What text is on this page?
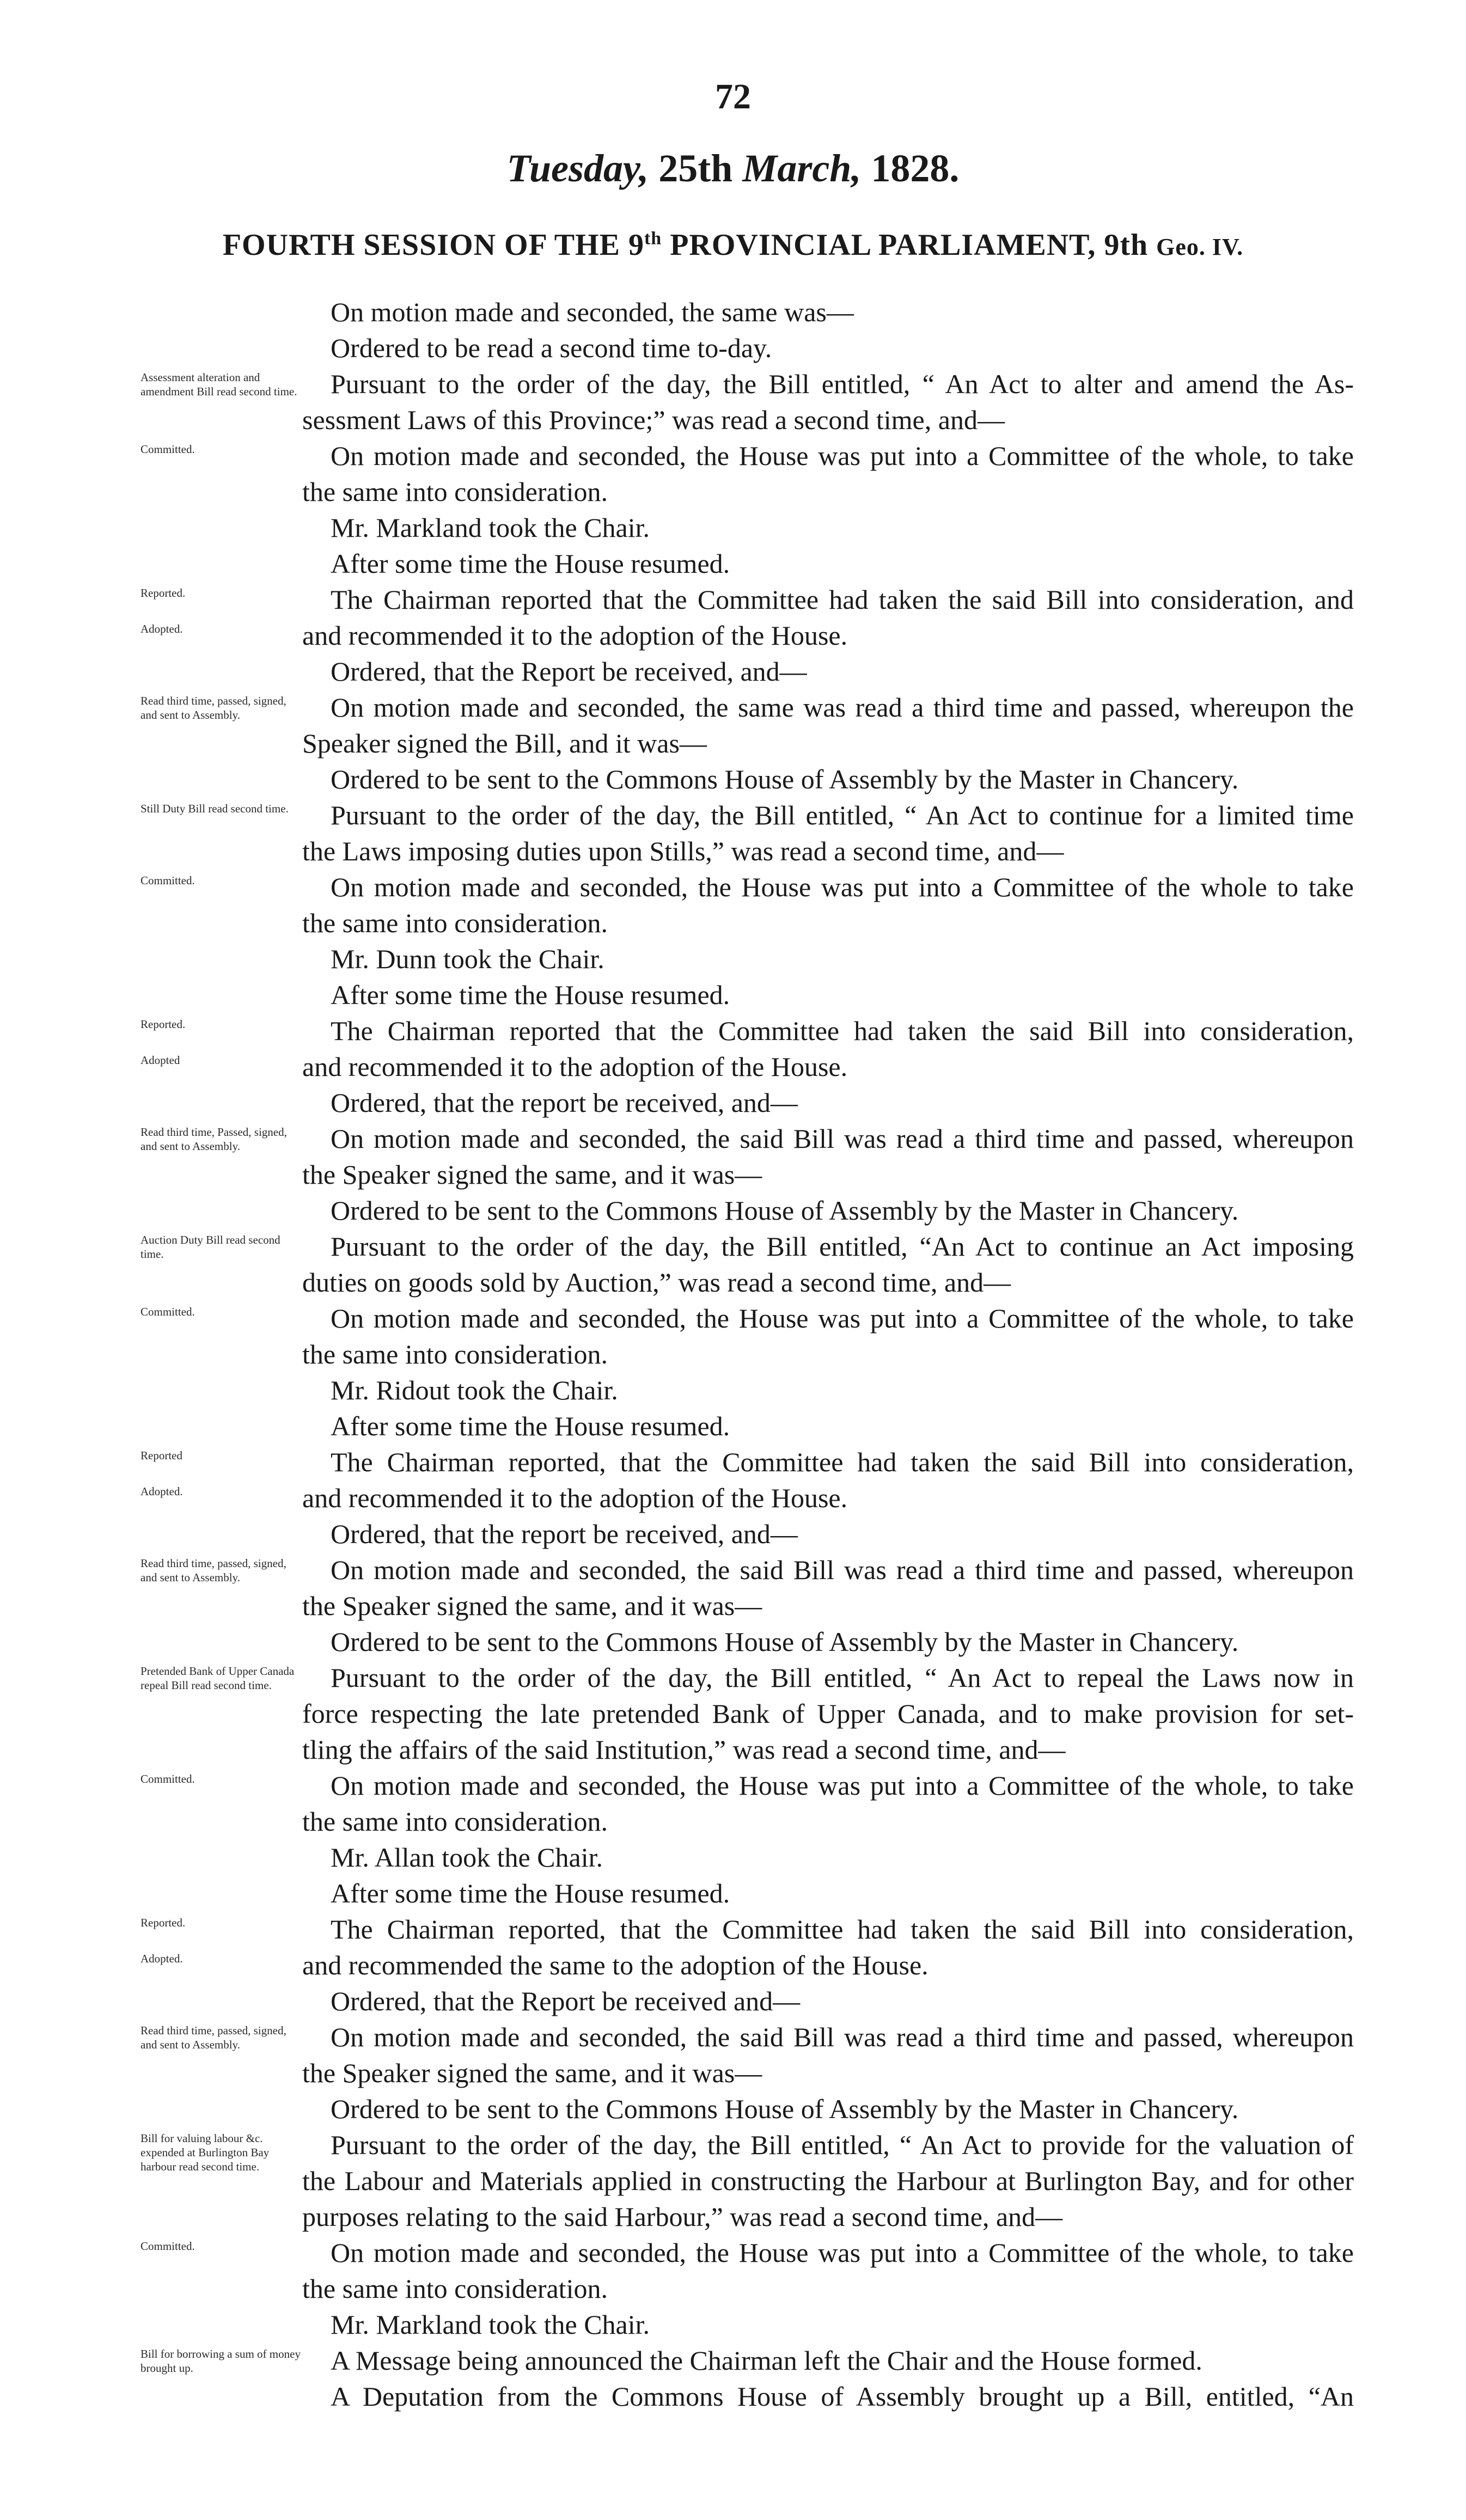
72
Tuesday, 25th March, 1828.
FOURTH SESSION OF THE 9th PROVINCIAL PARLIAMENT, 9th Geo. IV.
On motion made and seconded, the same was—
Ordered to be read a second time to-day.
Assessment alteration and amendment Bill read second time.	Pursuant to the order of the day, the Bill entitled, “ An Act to alter and amend the As-
sessment Laws of this Province;” was read a second time, and—
Committed.	On motion made and seconded, the House was put into a Committee of the whole, to take
the same into consideration.
Mr. Markland took the Chair.
After some time the House resumed.
Reported.	The Chairman reported that the Committee had taken the said Bill into consideration, and
Adopted.	and recommended it to the adoption of the House.
Ordered, that the Report be received, and—
Read third time, passed, signed, and sent to Assembly.	On motion made and seconded, the same was read a third time and passed, whereupon the
Speaker signed the Bill, and it was—
Ordered to be sent to the Commons House of Assembly by the Master in Chancery.
Still Duty Bill read second time.	Pursuant to the order of the day, the Bill entitled, “ An Act to continue for a limited time
the Laws imposing duties upon Stills,” was read a second time, and—
Committed.	On motion made and seconded, the House was put into a Committee of the whole to take
the same into consideration.
Mr. Dunn took the Chair.
After some time the House resumed.
Reported.	The Chairman reported that the Committee had taken the said Bill into consideration,
Adopted	and recommended it to the adoption of the House.
Ordered, that the report be received, and—
Read third time, Passed, signed, and sent to Assembly.	On motion made and seconded, the said Bill was read a third time and passed, whereupon
the Speaker signed the same, and it was—
Ordered to be sent to the Commons House of Assembly by the Master in Chancery.
Auction Duty Bill read second time.	Pursuant to the order of the day, the Bill entitled, “An Act to continue an Act imposing
duties on goods sold by Auction,” was read a second time, and—
Committed.	On motion made and seconded, the House was put into a Committee of the whole, to take
the same into consideration.
Mr. Ridout took the Chair.
After some time the House resumed.
Reported	The Chairman reported, that the Committee had taken the said Bill into consideration,
Adopted.	and recommended it to the adoption of the House.
Ordered, that the report be received, and—
Read third time, passed, signed, and sent to Assembly.	On motion made and seconded, the said Bill was read a third time and passed, whereupon
the Speaker signed the same, and it was—
Ordered to be sent to the Commons House of Assembly by the Master in Chancery.
Pretended Bank of Upper Canada repeal Bill read second time.	Pursuant to the order of the day, the Bill entitled, “ An Act to repeal the Laws now in
force respecting the late pretended Bank of Upper Canada, and to make provision for set-
tling the affairs of the said Institution,” was read a second time, and—
Committed.	On motion made and seconded, the House was put into a Committee of the whole, to take
the same into consideration.
Mr. Allan took the Chair.
After some time the House resumed.
Reported.	The Chairman reported, that the Committee had taken the said Bill into consideration,
Adopted.	and recommended the same to the adoption of the House.
Ordered, that the Report be received and—
Read third time, passed, signed, and sent to Assembly.	On motion made and seconded, the said Bill was read a third time and passed, whereupon
the Speaker signed the same, and it was—
Ordered to be sent to the Commons House of Assembly by the Master in Chancery.
Bill for valuing labour &c. expended at Burlington Bay harbour read second time.
Pursuant to the order of the day, the Bill entitled, “ An Act to provide for the valuation of
the Labour and Materials applied in constructing the Harbour at Burlington Bay, and for other
purposes relating to the said Harbour,” was read a second time, and—
Committed.	On motion made and seconded, the House was put into a Committee of the whole, to take
the same into consideration.
Mr. Markland took the Chair.
Bill for borrowing a sum of money brought up.	A Message being announced the Chairman left the Chair and the House formed.
A Deputation from the Commons House of Assembly brought up a Bill, entitled, “An
